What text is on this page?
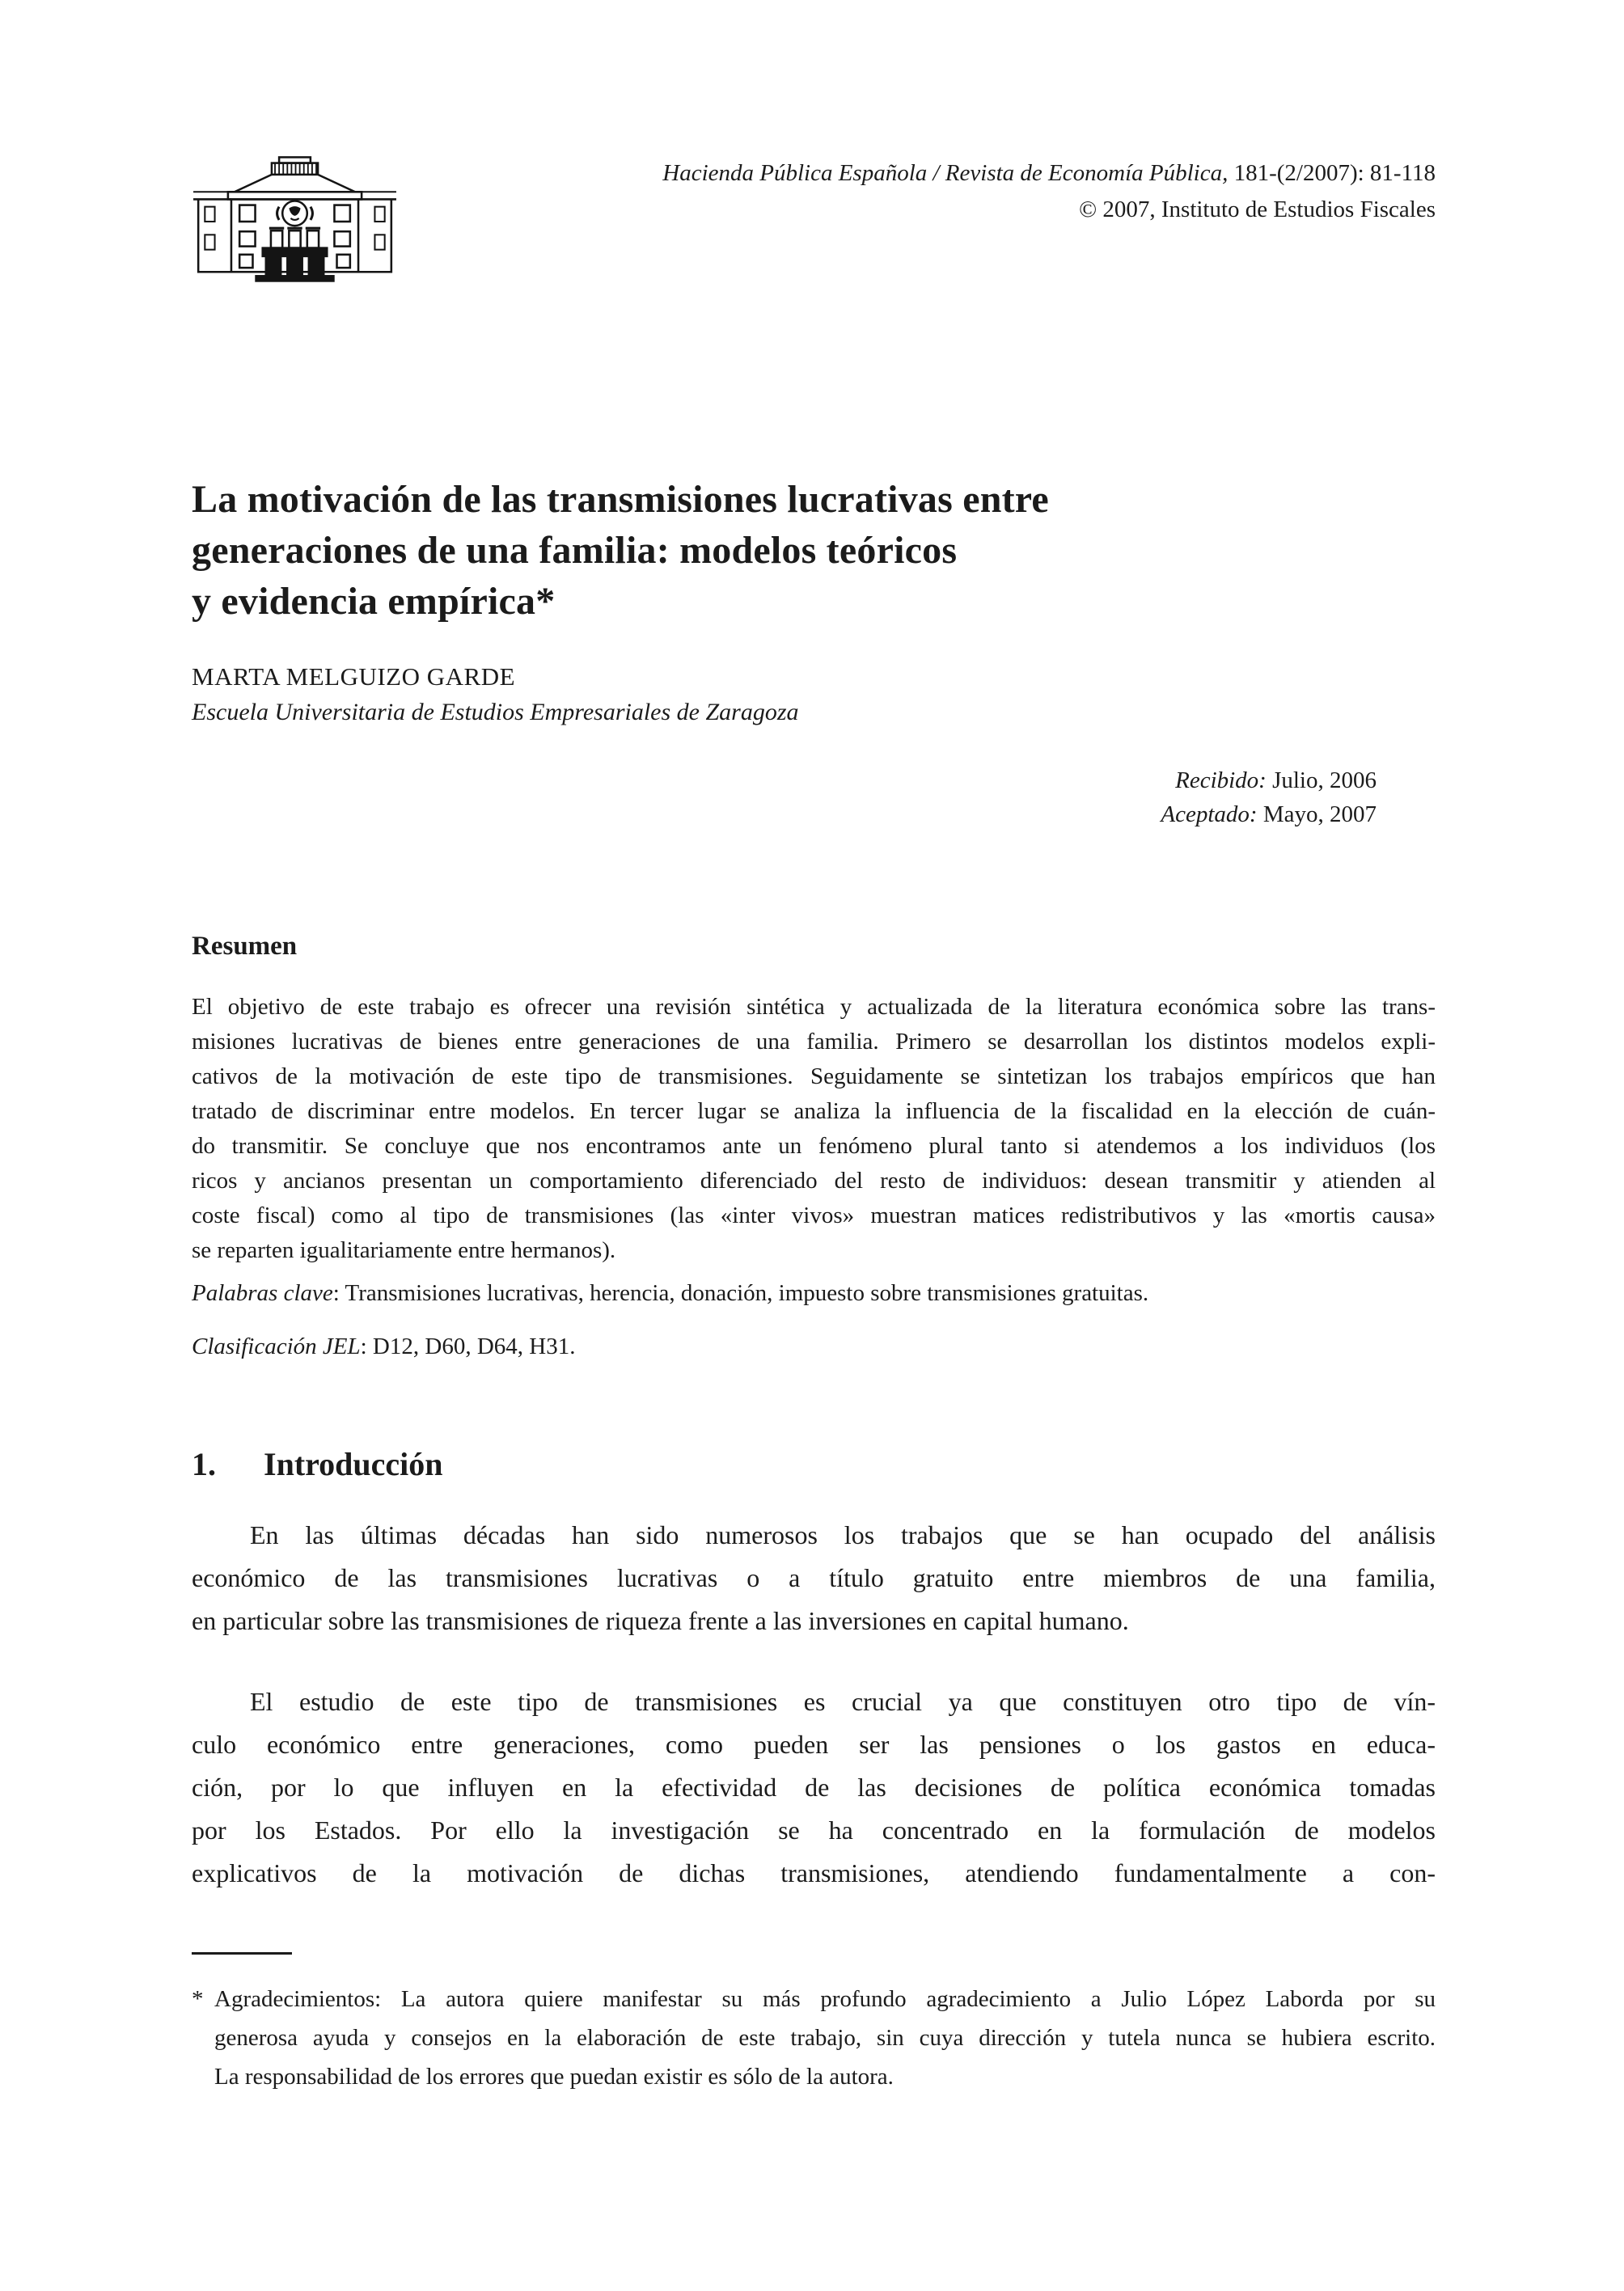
Hacienda Pública Española / Revista de Economía Pública, 181-(2/2007): 81-118
© 2007, Instituto de Estudios Fiscales
La motivación de las transmisiones lucrativas entre
generaciones de una familia: modelos teóricos
y evidencia empírica*
MARTA MELGUIZO GARDE
Escuela Universitaria de Estudios Empresariales de Zaragoza
Recibido: Julio, 2006
Aceptado: Mayo, 2007
Resumen
El objetivo de este trabajo es ofrecer una revisión sintética y actualizada de la literatura económica sobre las trans-
misiones lucrativas de bienes entre generaciones de una familia. Primero se desarrollan los distintos modelos expli-
cativos de la motivación de este tipo de transmisiones. Seguidamente se sintetizan los trabajos empíricos que han
tratado de discriminar entre modelos. En tercer lugar se analiza la influencia de la fiscalidad en la elección de cuán-
do transmitir. Se concluye que nos encontramos ante un fenómeno plural tanto si atendemos a los individuos (los
ricos y ancianos presentan un comportamiento diferenciado del resto de individuos: desean transmitir y atienden al
coste fiscal) como al tipo de transmisiones (las «inter vivos» muestran matices redistributivos y las «mortis causa»
se reparten igualitariamente entre hermanos).
Palabras clave: Transmisiones lucrativas, herencia, donación, impuesto sobre transmisiones gratuitas.
Clasificación JEL: D12, D60, D64, H31.
1. Introducción
En las últimas décadas han sido numerosos los trabajos que se han ocupado del análisis
económico de las transmisiones lucrativas o a título gratuito entre miembros de una familia,
en particular sobre las transmisiones de riqueza frente a las inversiones en capital humano.
El estudio de este tipo de transmisiones es crucial ya que constituyen otro tipo de vín-
culo económico entre generaciones, como pueden ser las pensiones o los gastos en educa-
ción, por lo que influyen en la efectividad de las decisiones de política económica tomadas
por los Estados. Por ello la investigación se ha concentrado en la formulación de modelos
explicativos de la motivación de dichas transmisiones, atendiendo fundamentalmente a con-
* Agradecimientos: La autora quiere manifestar su más profundo agradecimiento a Julio López Laborda por su
generosa ayuda y consejos en la elaboración de este trabajo, sin cuya dirección y tutela nunca se hubiera escrito.
La responsabilidad de los errores que puedan existir es sólo de la autora.
